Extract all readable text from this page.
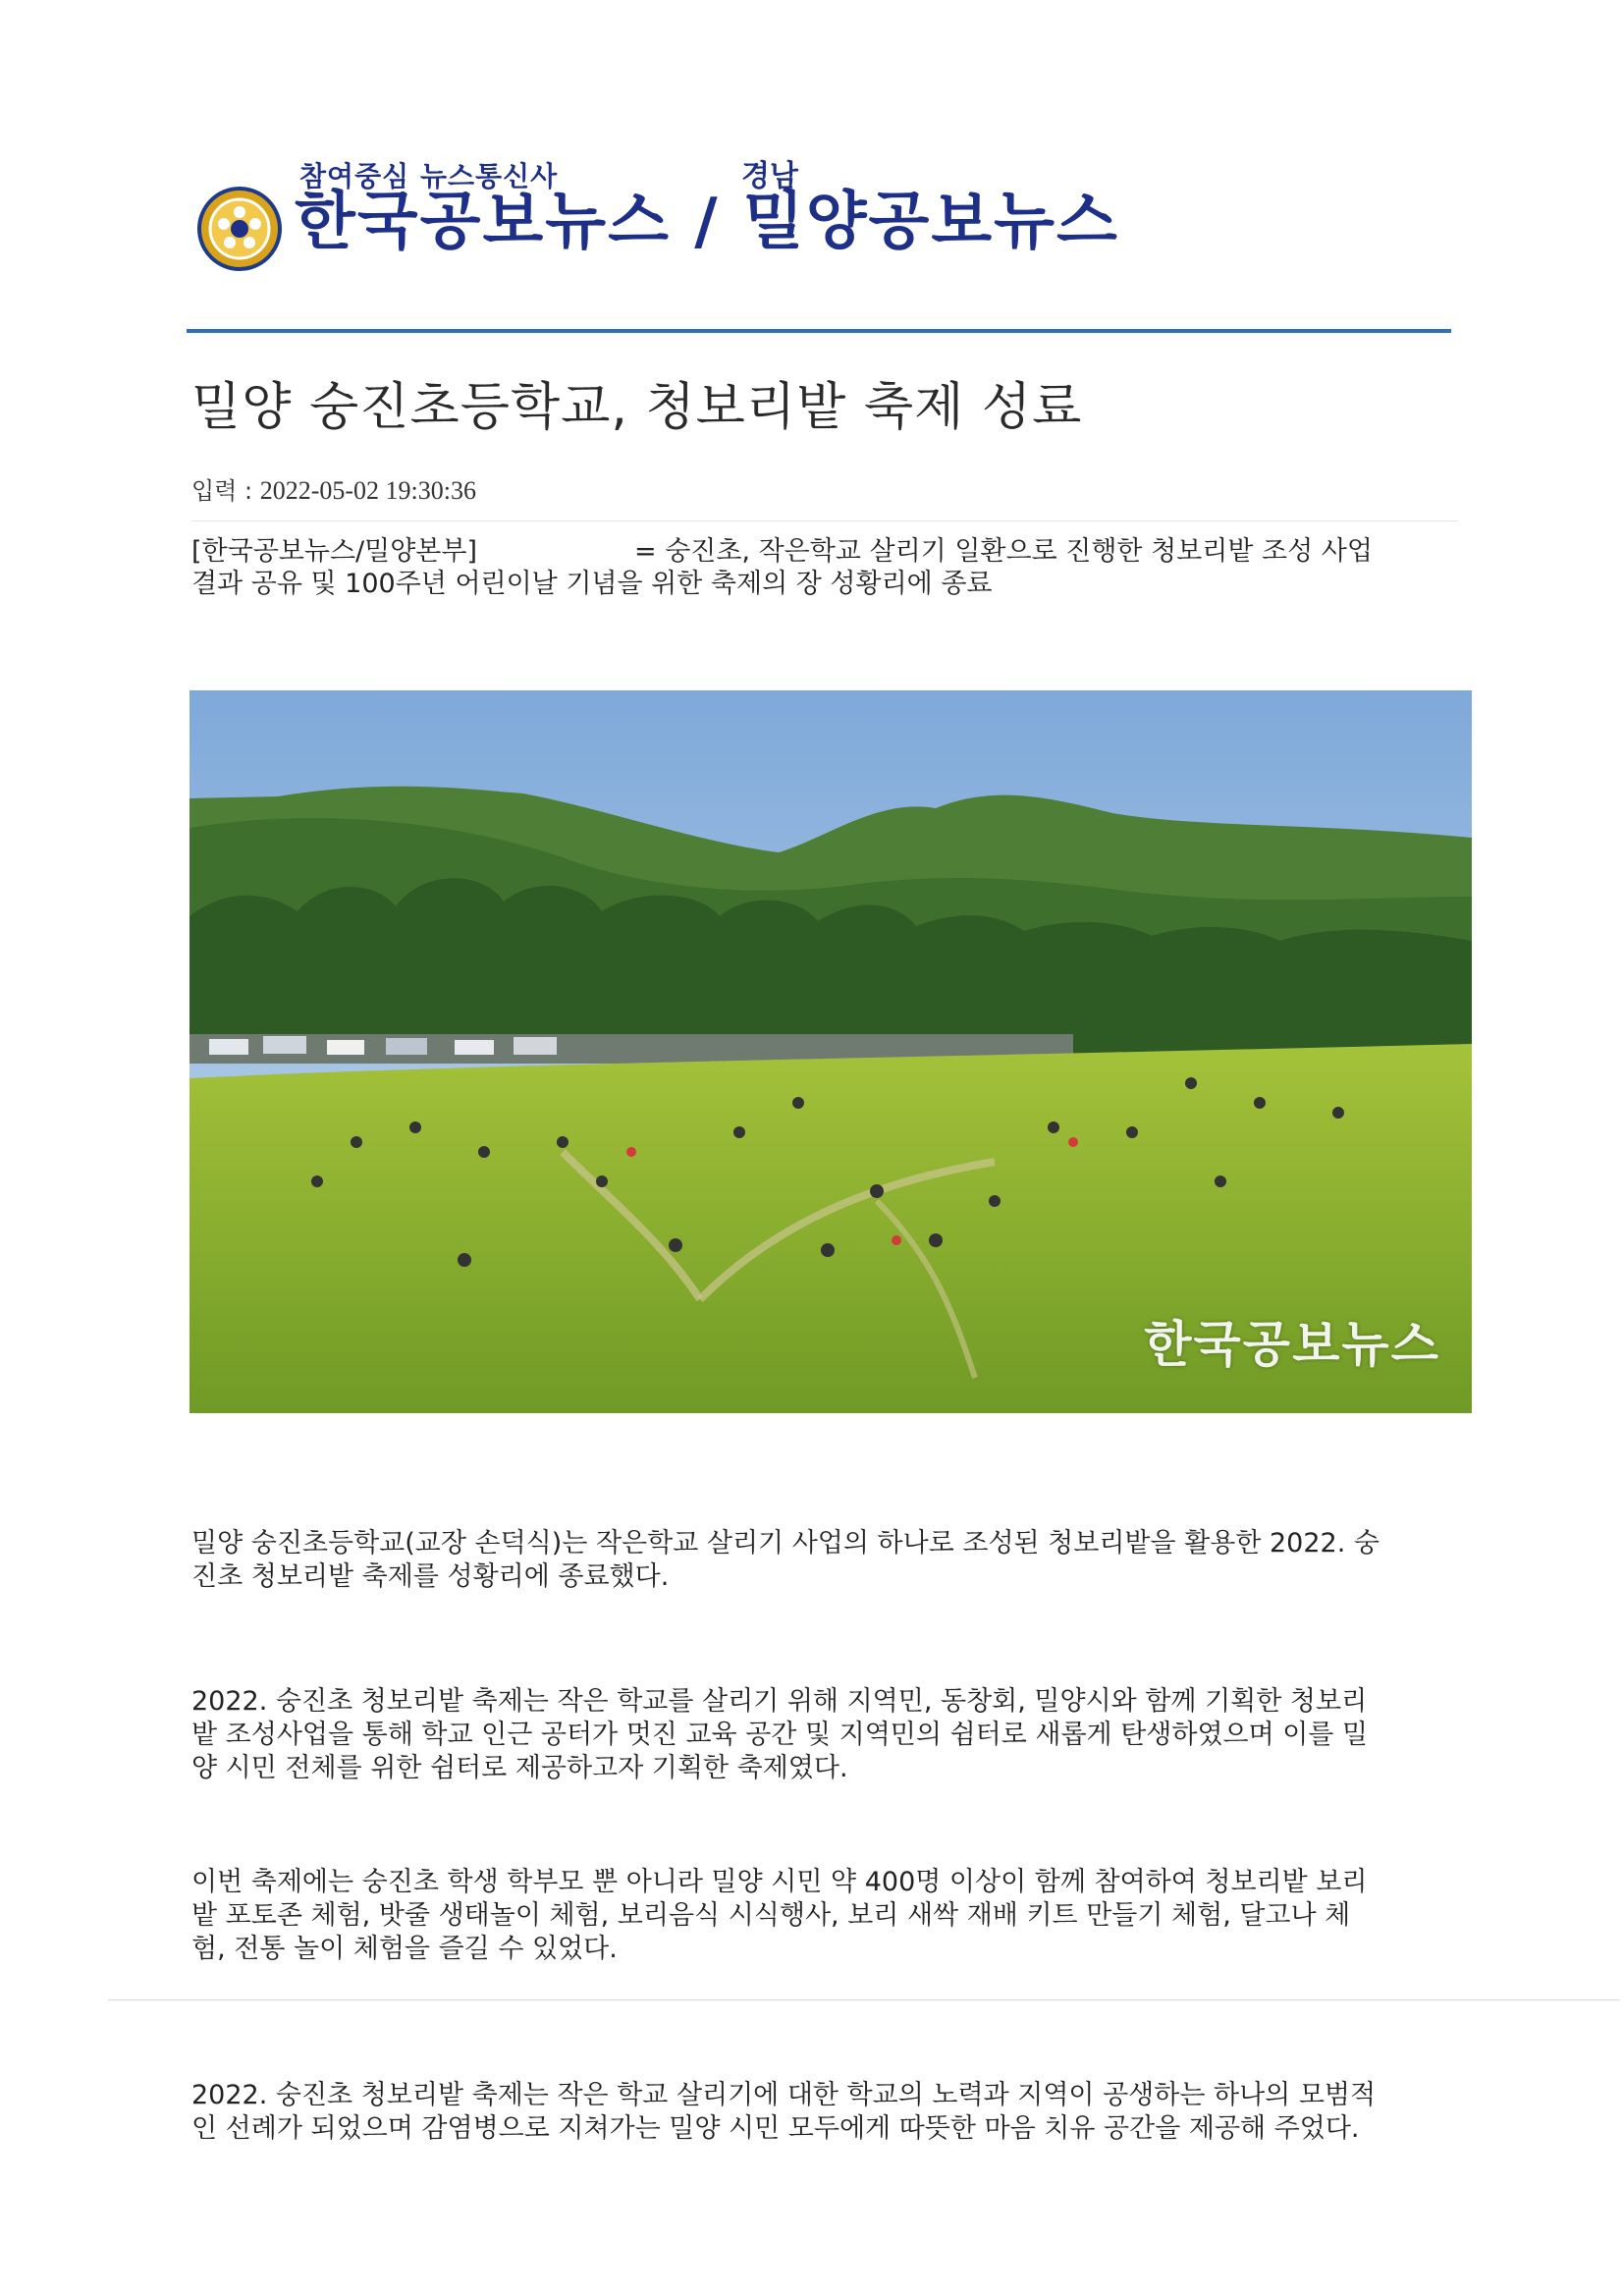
참여중심 뉴스통신사	경남
한국공보뉴스 / 밀양공보뉴스
밀양 숭진초등학교, 청보리밭 축제 성료
입력 : 2022-05-02 19:30:36
[한국공보뉴스/밀양본부]	= 숭진초, 작은학교 살리기 일환으로 진행한 청보리밭 조성 사업
결과 공유 및 100주년 어린이날 기념을 위한 축제의 장 성황리에 종료
한국공보뉴스
밀양 숭진초등학교(교장 손덕식)는 작은학교 살리기 사업의 하나로 조성된 청보리밭을 활용한 2022. 숭
진초 청보리밭 축제를 성황리에 종료했다.
2022. 숭진초 청보리밭 축제는 작은 학교를 살리기 위해 지역민, 동창회, 밀양시와 함께 기획한 청보리
밭 조성사업을 통해 학교 인근 공터가 멋진 교육 공간 및 지역민의 쉼터로 새롭게 탄생하였으며 이를 밀
양 시민 전체를 위한 쉼터로 제공하고자 기획한 축제였다.
이번 축제에는 숭진초 학생 학부모 뿐 아니라 밀양 시민 약 400명 이상이 함께 참여하여 청보리밭 보리
밭 포토존 체험, 밧줄 생태놀이 체험, 보리음식 시식행사, 보리 새싹 재배 키트 만들기 체험, 달고나 체
험, 전통 놀이 체험을 즐길 수 있었다.
2022. 숭진초 청보리밭 축제는 작은 학교 살리기에 대한 학교의 노력과 지역이 공생하는 하나의 모범적
인 선례가 되었으며 감염병으로 지쳐가는 밀양 시민 모두에게 따뜻한 마음 치유 공간을 제공해 주었다.
